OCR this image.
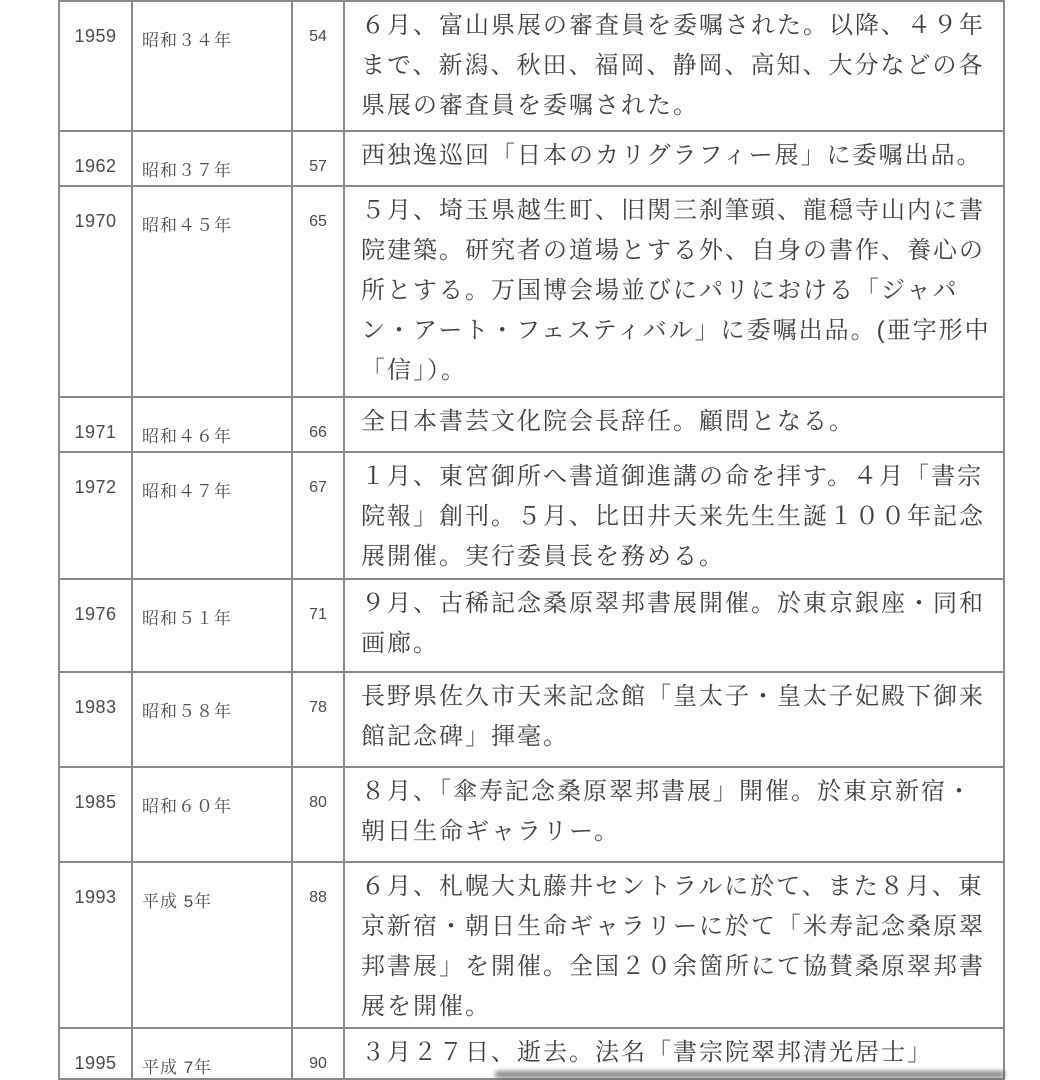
1959	昭和３４年	54	６月、富山県展の審査員を委嘱された。以降、４９年まで、新潟、秋田、福岡、静岡、高知、大分などの各県展の審査員を委嘱された。
1962	昭和３７年	57	西独逸巡回「日本のカリグラフィー展」に委嘱出品。
1970	昭和４５年	65	５月、埼玉県越生町、旧関三刹筆頭、龍穏寺山内に書院建築。研究者の道場とする外、自身の書作、養心の所とする。万国博会場並びにパリにおける「ジャパン・アート・フェスティバル」に委嘱出品。(亜字形中「信」）。
1971	昭和４６年	66	全日本書芸文化院会長辞任。顧問となる。
1972	昭和４７年	67	１月、東宮御所へ書道御進講の命を拝す。４月「書宗院報」創刊。５月、比田井天来先生生誕１００年記念展開催。実行委員長を務める。
1976	昭和５１年	71	９月、古稀記念桑原翠邦書展開催。於東京銀座・同和画廊。
1983	昭和５８年	78	長野県佐久市天来記念館「皇太子・皇太子妃殿下御来館記念碑」揮毫。
1985	昭和６０年	80	８月、「傘寿記念桑原翠邦書展」開催。於東京新宿・朝日生命ギャラリー。
1993	平成 5年	88	６月、札幌大丸藤井セントラルに於て、また８月、東京新宿・朝日生命ギャラリーに於て「米寿記念桑原翠邦書展」を開催。全国２０余箇所にて協賛桑原翠邦書展を開催。
1995	平成 7年	90	３月２７日、逝去。法名「書宗院翠邦清光居士」
